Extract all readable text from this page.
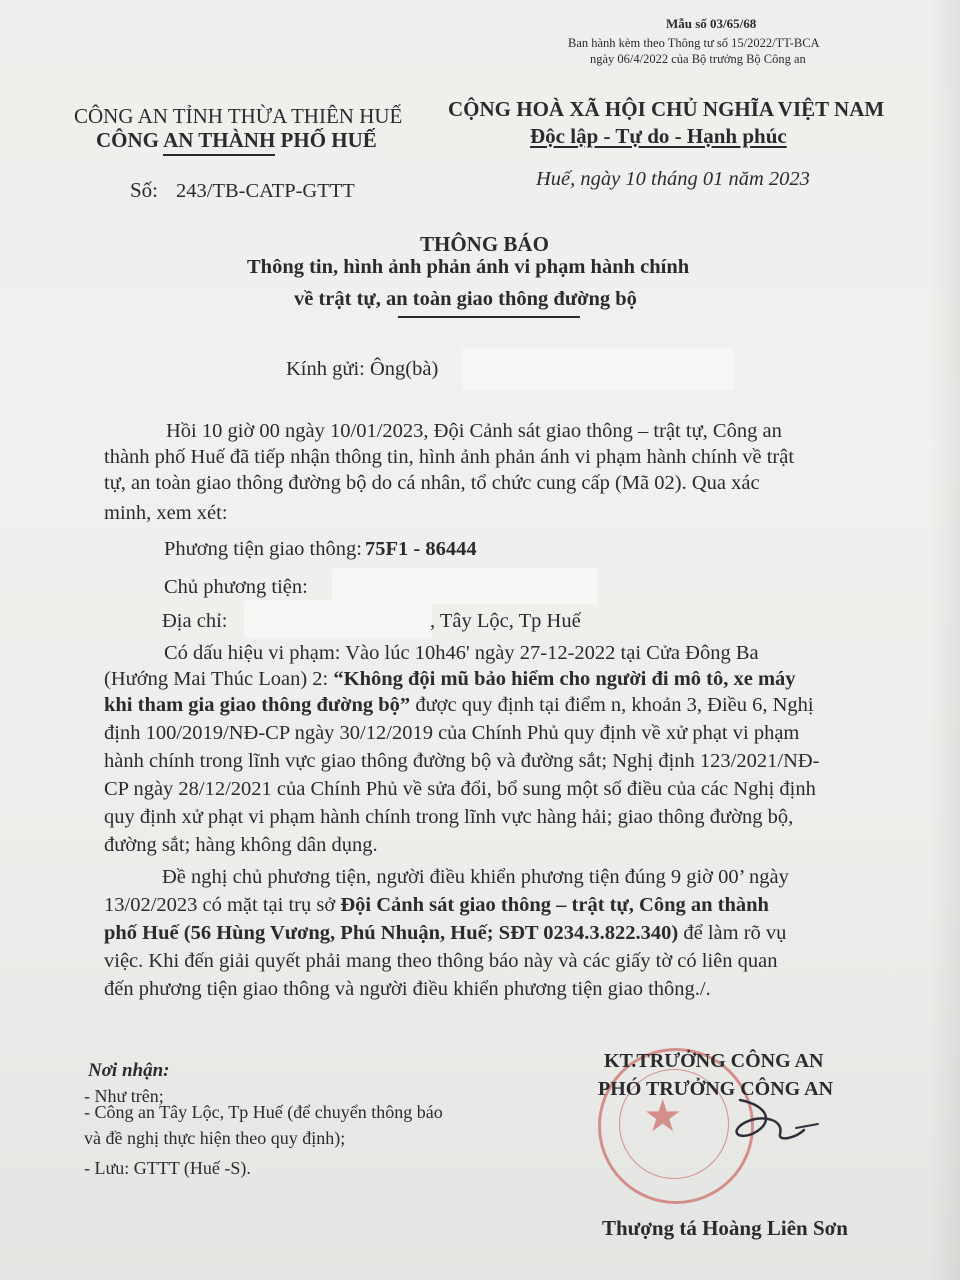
Mẫu số 03/65/68
Ban hành kèm theo Thông tư số 15/2022/TT-BCA
ngày 06/4/2022 của Bộ trưởng Bộ Công an
CÔNG AN TỈNH THỪA THIÊN HUẾ
CÔNG AN THÀNH PHỐ HUẾ
Số: 243/TB-CATP-GTTT
CỘNG HOÀ XÃ HỘI CHỦ NGHĨA VIỆT NAM
Độc lập - Tự do - Hạnh phúc
Huế, ngày 10 tháng 01 năm 2023
THÔNG BÁO
Thông tin, hình ảnh phản ánh vi phạm hành chính
về trật tự, an toàn giao thông đường bộ
Kính gửi: Ông(bà)
Hồi 10 giờ 00 ngày 10/01/2023, Đội Cảnh sát giao thông – trật tự, Công an
thành phố Huế đã tiếp nhận thông tin, hình ảnh phản ánh vi phạm hành chính về trật
tự, an toàn giao thông đường bộ do cá nhân, tổ chức cung cấp (Mã 02). Qua xác
minh, xem xét:
Phương tiện giao thông: 75F1 - 86444
Chủ phương tiện:
Địa chỉ:	, Tây Lộc, Tp Huế
Có dấu hiệu vi phạm: Vào lúc 10h46' ngày 27-12-2022 tại Cửa Đông Ba
(Hướng Mai Thúc Loan) 2: “Không đội mũ bảo hiểm cho người đi mô tô, xe máy
khi tham gia giao thông đường bộ” được quy định tại điểm n, khoản 3, Điều 6, Nghị
định 100/2019/NĐ-CP ngày 30/12/2019 của Chính Phủ quy định về xử phạt vi phạm
hành chính trong lĩnh vực giao thông đường bộ và đường sắt; Nghị định 123/2021/NĐ-
CP ngày 28/12/2021 của Chính Phủ về sửa đổi, bổ sung một số điều của các Nghị định
quy định xử phạt vi phạm hành chính trong lĩnh vực hàng hải; giao thông đường bộ,
đường sắt; hàng không dân dụng.
Đề nghị chủ phương tiện, người điều khiển phương tiện đúng 9 giờ 00’ ngày
13/02/2023 có mặt tại trụ sở Đội Cảnh sát giao thông – trật tự, Công an thành
phố Huế (56 Hùng Vương, Phú Nhuận, Huế; SĐT 0234.3.822.340) để làm rõ vụ
việc. Khi đến giải quyết phải mang theo thông báo này và các giấy tờ có liên quan
đến phương tiện giao thông và người điều khiển phương tiện giao thông./.
Nơi nhận:
- Như trên;
- Công an Tây Lộc, Tp Huế (để chuyển thông báo
và đề nghị thực hiện theo quy định);
- Lưu: GTTT (Huế -S).
★
KT.TRƯỞNG CÔNG AN
PHÓ TRƯỞNG CÔNG AN
Thượng tá Hoàng Liên Sơn
